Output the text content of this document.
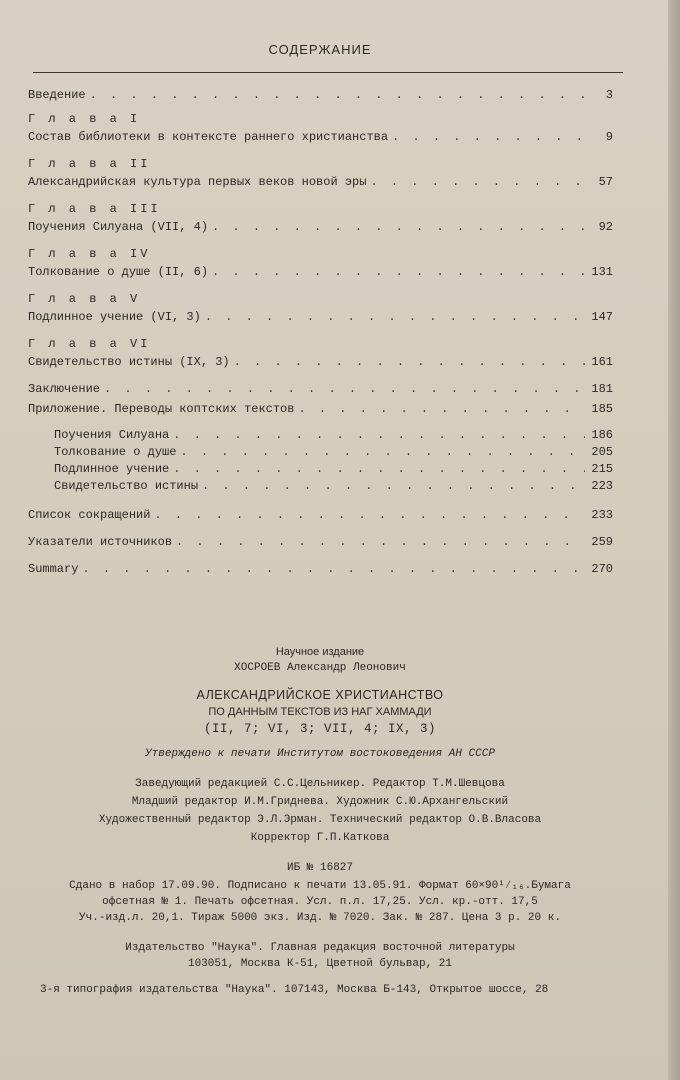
СОДЕРЖАНИЕ
Введение . . .	3
Г л а в а I
Состав библиотеки в контексте раннего христианства . . .	9
Г л а в а II
Александрийская культура первых веков новой эры . . .	57
Г л а в а III
Поучения Силуана (VII, 4) . . .	92
Г л а в а IV
Толкование о душе (II, 6) . . .	131
Г л а в а V
Подлинное учение (VI, 3) . . .	147
Г л а в а VI
Свидетельство истины (IX, 3) . . .	161
Заключение . . .	181
Приложение. Переводы коптских текстов . . .	185
Поучения Силуана . . .	186
Толкование о душе . . .	205
Подлинное учение . . .	215
Свидетельство истины . . .	223
Список сокращений . . .	233
Указатели источников . . .	259
Summary . . .	270
Научное издание
ХОСРОЕВ Александр Леонович
АЛЕКСАНДРИЙСКОЕ ХРИСТИАНСТВО
ПО ДАННЫМ ТЕКСТОВ ИЗ НАГ ХАММАДИ
(II, 7; VI, 3; VII, 4; IX, 3)
Утверждено к печати Институтом востоковедения АН СССР
Заведующий редакцией С.С.Цельникер. Редактор Т.М.Шевцова
Младший редактор И.М.Гриднева. Художник С.Ю.Архангельский
Художественный редактор Э.Л.Эрман. Технический редактор О.В.Власова
Корректор Г.П.Каткова
ИБ № 16827
Сдано в набор 17.09.90. Подписано к печати 13.05.91. Формат 60×90¹⁄₁₆.Бумага
офсетная № 1. Печать офсетная. Усл. п.л. 17,25. Усл. кр.-отт. 17,5
Уч.-изд.л. 20,1. Тираж 5000 экз. Изд. № 7020. Зак. № 287. Цена 3 р. 20 к.
Издательство "Наука". Главная редакция восточной литературы
103051, Москва К-51, Цветной бульвар, 21
3-я типография издательства "Наука". 107143, Москва Б-143, Открытое шоссе, 28
